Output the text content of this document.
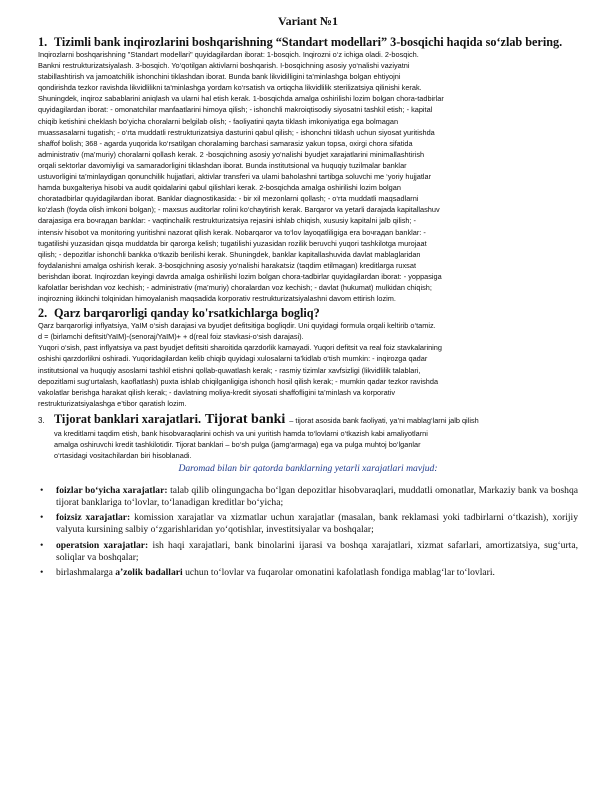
Variant №1

1. Tizimli bank inqirozlarini boshqarishning “Standart modellari” 3-bosqichi haqida so‘zlab bering.
Inqirozlarni boshqarishning "Standart modellari" quyidagilardan iborat: 1-bosqich. Inqirozni o‘z ichiga oladi. 2-bosqich.
Bankni restrukturizatsiyalash. 3-bosqich. Yo‘qotilgan aktivlarni boshqarish. I-bosqichning asosiy yo‘nalishi vaziyatni
stabillashtirish va jamoatchilik ishonchini tiklashdan iborat. Bunda bank likvidilligini ta’minlashga bolgan ehtiyojni
qondirishda tezkor ravishda likvidlilikni ta’minlashga yordam ko‘rsatish va ortiqcha likvidlilik sterilizatsiya qilinishi kerak.
Shuningdek, inqiroz sabablarini aniqlash va ularni hal etish kerak. 1-bosqichda amalga oshirilishi lozim bolgan chora-tadbirlar
quyidagilardan iborat: - omonatchilar manfaatlarini himoya qilish; - ishonchli makroiqtisodiy siyosatni tashkil etish; - kapital
chiqib ketishini cheklash bo‘yicha choralarni belgilab olish; - faoliyatini qayta tiklash imkoniyatiga ega bolmagan
muassasalarni tugatish; - o‘rta muddatli restrukturizatsiya dasturini qabul qilish; - ishonchni tiklash uchun siyosat yuritishda
shaffof bolish; 368 - agarda yuqorida ko‘rsatilgan choralaming barchasi samarasiz yakun topsa, oxirgi chora sifatida
administrativ (ma’muriy) choralarni qollash kerak. 2 -bosqichning asosiy yo‘nalishi byudjet xarajatlarini minimallashtirish
orqali sektorlar davomiyligi va samaradorligini tiklashdan iborat. Bunda institutsional va huquqiy tuzilmalar banklar
ustuvorligini ta’minlaydigan qonunchilik hujjatlari, aktivlar transferi va ulami baholashni tartibga soluvchi me ‘yoriy hujjatlar
hamda buxgalteriya hisobi va audit qoidalarini qabul qilishlari kerak. 2-bosqichda amalga oshirilishi lozim bolgan
choratadbirlar quyidagilardan iborat. Banklar diagnostikasida: - bir xil mezonlarni qollash; - o‘rta muddatli maqsadlarni
ko‘zlash (foyda olish imkoni bolgan); - maxsus auditorlar rolini ko‘chaytirish kerak. Barqaror va yetarli darajada kapitallashuv
darajasiga ега boчrадan banklar: - vaqtinchalik restrukturizatsiya rejasini ishlab chiqish, xususiy kapitalni jalb qilish; -
intensiv hisobot va monitoring yuritishni nazorat qilish kerak. Nobarqaror va to‘lov layoqatliligiga ега boчrадan banklar: -
tugatilishi yuzasidan qisqa muddatda bir qarorga kelish; tugatilishi yuzasidan rozilik beruvchi yuqori tashkilotga murojaat
qilish; - depozitlar ishonchli bankka o‘tkazib berilishi kerak. Shuningdek, banklar kapitallashuvida davlat mablaglaridan
foydalanishni amalga oshirish kerak. 3-bosqichning asosiy yo‘nalishi harakatsiz (taqdim etilmagan) kreditlarga ruxsat
berishdan iborat. Inqirozdan keyingi davrda amalga oshirilishi lozim bolgan chora-tadbirlar quyidagilardan iborat: - yoppasiga
kafolatlar berishdan voz kechish; - administrativ (ma’muriy) choralardan voz kechish; - davlat (hukumat) mulkidan chiqish;
inqirozning ikkinchi tolqinidan himoyalanish maqsadida korporativ restrukturizatsiyalashni davom ettirish lozim.
2. Qarz barqarorligi qanday ko'rsatkichlarga bogliq?
Qarz barqarorligi inflyatsiya, YaIM o‘sish darajasi va byudjet defitsitiga bogliqdir. Uni quyidagi formula orqali keltirib o‘tamiz.
d = (birlamchi defitsit/YaIM)-(senoraj/YaIM)+ + d(real foiz stavkasi-o‘sish darajasi).
Yuqori o‘sish, past inflyatsiya va past byudjet defitsiti sharoitida qarzdorlik kamayadi. Yuqori defitsit va real foiz stavkalarining
oshishi qarzdorlikni oshiradi. Yuqoridagilardan kelib chiqib quyidagi xulosalarni ta’kidlab o‘tish mumkin: - inqirozga qadar
institutsional va huquqiy asoslarni tashkil etishni qollab-quwatlash kerak; - rasmiy tizimlar xavfsizligi (likvidlilik talablari,
depozitlami sug‘urtalash, kaoflatlash) puxta ishlab chiqilganligiga ishonch hosil qilish kerak; - mumkin qadar tezkor ravishda
vakolatlar berishga harakat qilish kerak; - davlatning moliya-kredit siyosati shaffofligini ta’minlash va korporativ
restrukturizatsiyalashga e’tibor qaratish lozim.
3. Tijorat banklari xarajatlari. Tijorat banki – tijorat asosida bank faoliyati, ya’ni mablag‘larni jalb qilish
va kreditlarni taqdim etish, bank hisobvaraqlarini ochish va uni yuritish hamda to‘lovlarni o‘tkazish kabi amaliyotlarni
amalga oshiruvchi kredit tashkilotidir. Tijorat banklari – bo‘sh pulga (jamg‘armaga) ega va pulga muhtoj bo‘lganlar
o‘rtasidagi vositachilardan biri hisoblanadi.

Daromad bilan bir qatorda banklarning yetarli xarajatlari mavjud:

• foizlar bo‘yicha xarajatlar: talab qilib olingungacha bo‘lgan depozitlar hisobvaraqlari, muddatli omonatlar, Markaziy bank va boshqa tijorat banklariga to‘lovlar, to‘lanadigan kreditlar bo‘yicha;
• foizsiz xarajatlar: komission xarajatlar va xizmatlar uchun xarajatlar (masalan, bank reklamasi yoki tadbirlarni o‘tkazish), xorijiy valyuta kursining salbiy o‘zgarishlaridan yo‘qotishlar, investitsiyalar va boshqalar;
• operatsion xarajatlar: ish haqi xarajatlari, bank binolarini ijarasi va boshqa xarajatlari, xizmat safarlari, amortizatsiya, sug‘urta, soliqlar va boshqalar;
• birlashmalarga a’zolik badallari uchun to‘lovlar va fuqarolar omonatini kafolatlash fondiga mablag‘lar to‘lovlari.
